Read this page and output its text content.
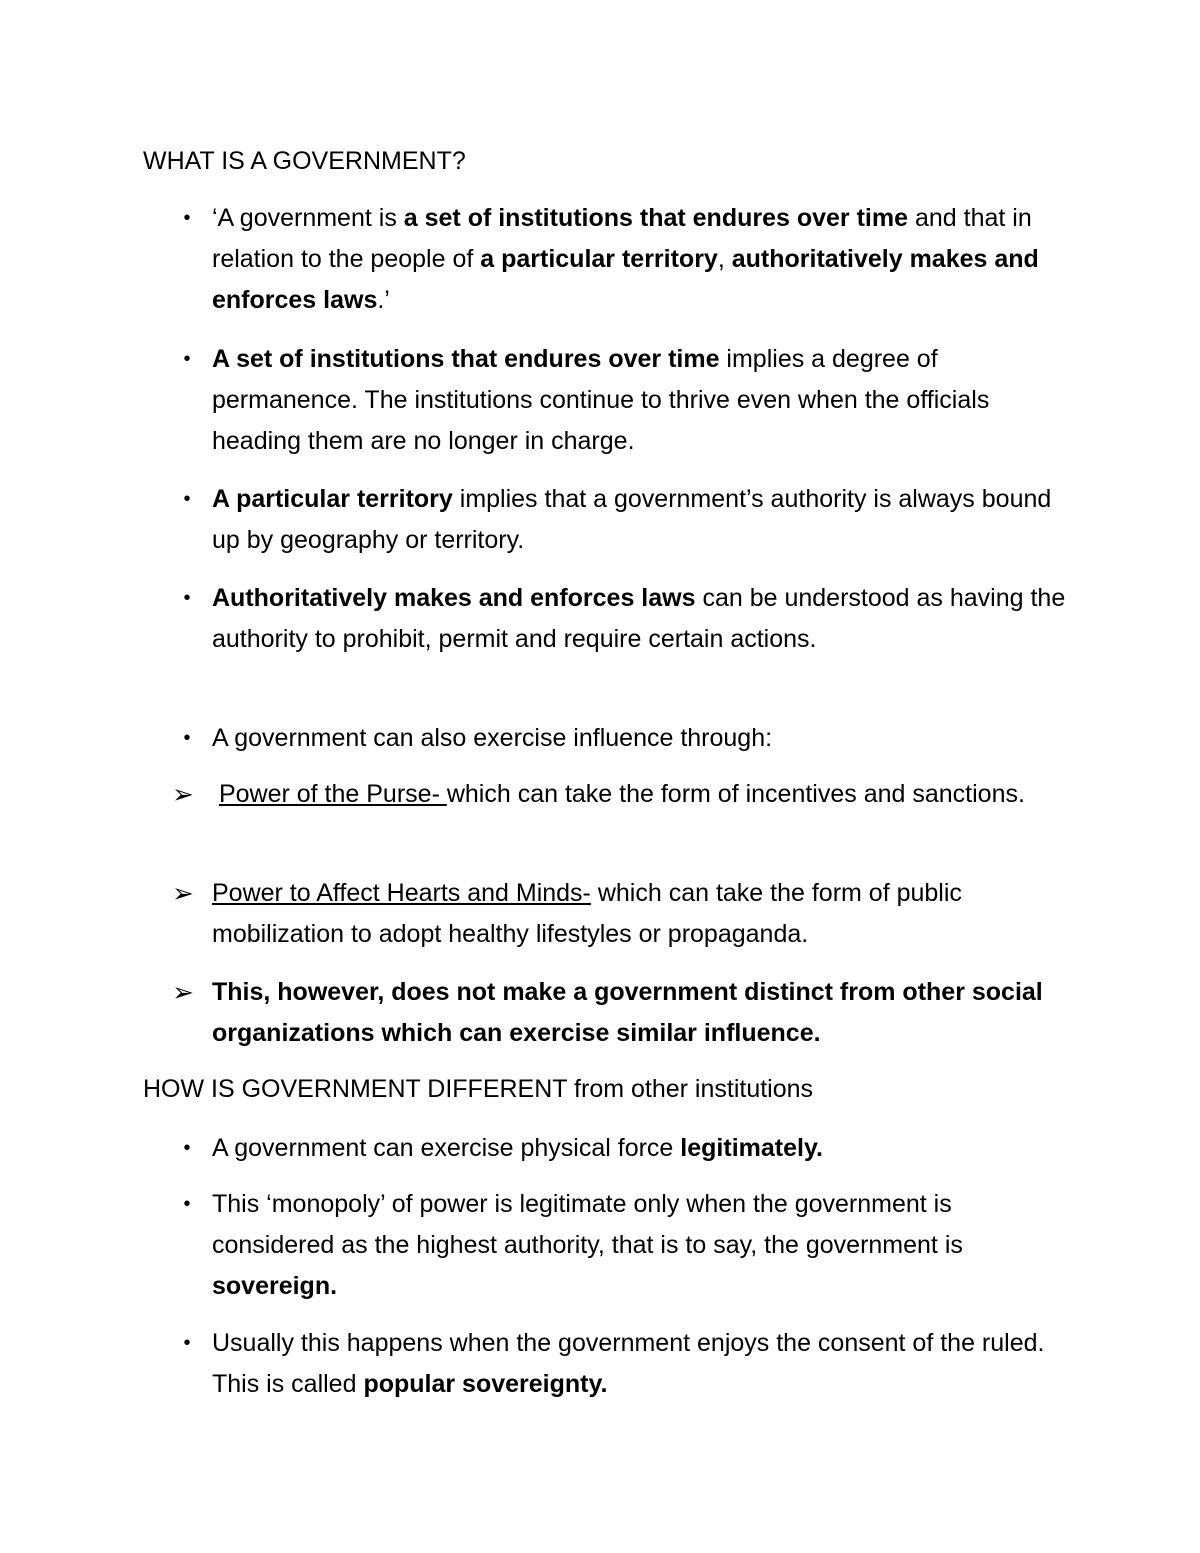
WHAT IS A GOVERNMENT?

•
‘A government is a set of institutions that endures over time and that in relation to the people of a particular territory, authoritatively makes and enforces laws.’

•
A set of institutions that endures over time implies a degree of permanence. The institutions continue to thrive even when the officials heading them are no longer in charge.

•
A particular territory implies that a government’s authority is always bound up by geography or territory.

•
Authoritatively makes and enforces laws can be understood as having the authority to prohibit, permit and require certain actions.

•
A government can also exercise influence through:

➢
Power of the Purse- which can take the form of incentives and sanctions.

➢
Power to Affect Hearts and Minds- which can take the form of public mobilization to adopt healthy lifestyles or propaganda.

➢
This, however, does not make a government distinct from other social organizations which can exercise similar influence.

HOW IS GOVERNMENT DIFFERENT from other institutions

•
A government can exercise physical force legitimately.

•
This ‘monopoly’ of power is legitimate only when the government is considered as the highest authority, that is to say, the government is sovereign.

•
Usually this happens when the government enjoys the consent of the ruled. This is called popular sovereignty.
